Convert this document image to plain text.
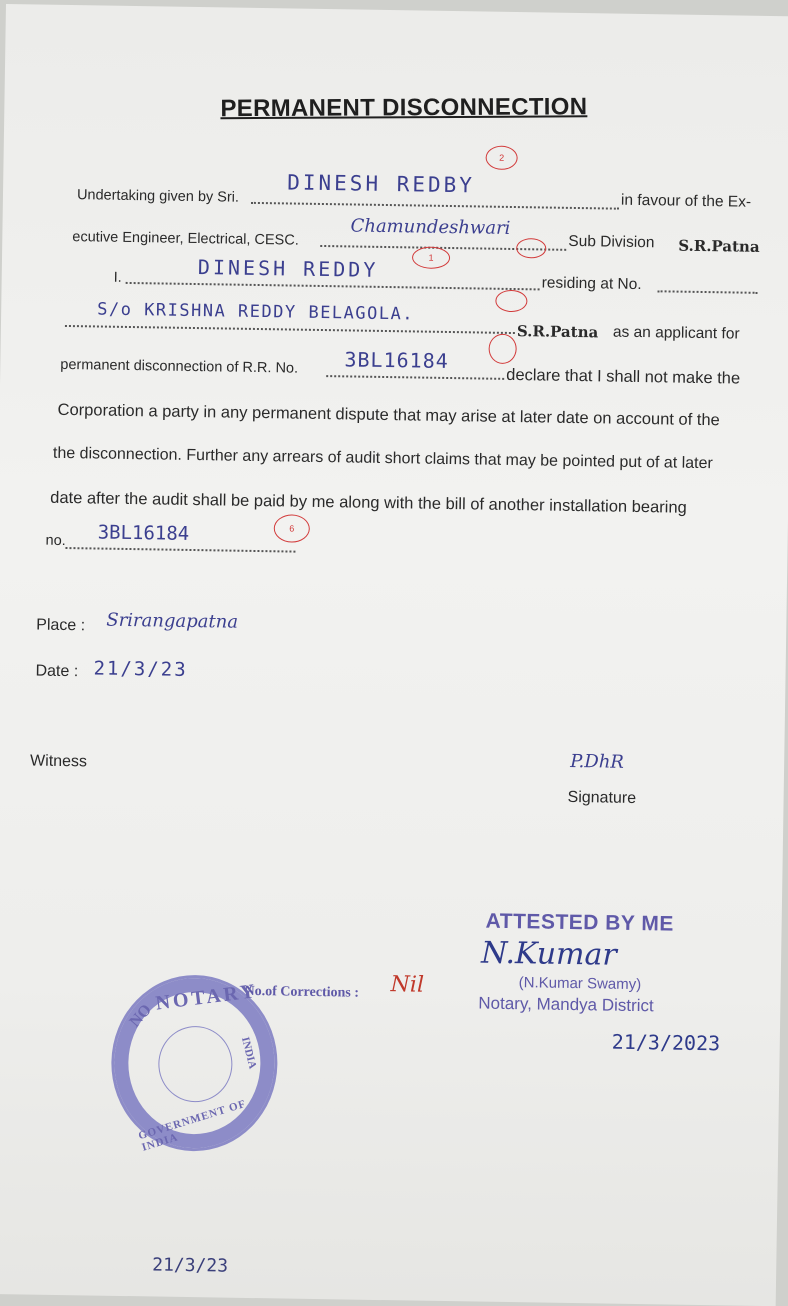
PERMANENT DISCONNECTION
Undertaking given by Sri. DINESH REDBY
in favour of the Ex-
2
ecutive Engineer, Electrical, CESC.	Chamundeshwari
Sub Division S.R.Patna
I.	DINESH REDDY	1
residing at No.
S/o KRISHNA REDDY BELAGOLA.
S.R.Patna as an applicant for
permanent disconnection of R.R. No. 3BL16184
declare that I shall not make the
Corporation a party in any permanent dispute that may arise at later date on account of the
the disconnection. Further any arrears of audit short claims that may be pointed put of at later
date after the audit shall be paid by me along with the bill of another installation bearing
no. 3BL16184	6
Place : Srirangapatna
Date : 21/3/23
Witness	P.DhR
Signature
ATTESTED BY ME
N.Kumar
(N.Kumar Swamy)
Notary, Mandya District
21/3/2023
No.of Corrections : Nil
NOTARY
NO
INDIA
GOVERNMENT OF INDIA
21/3/23
